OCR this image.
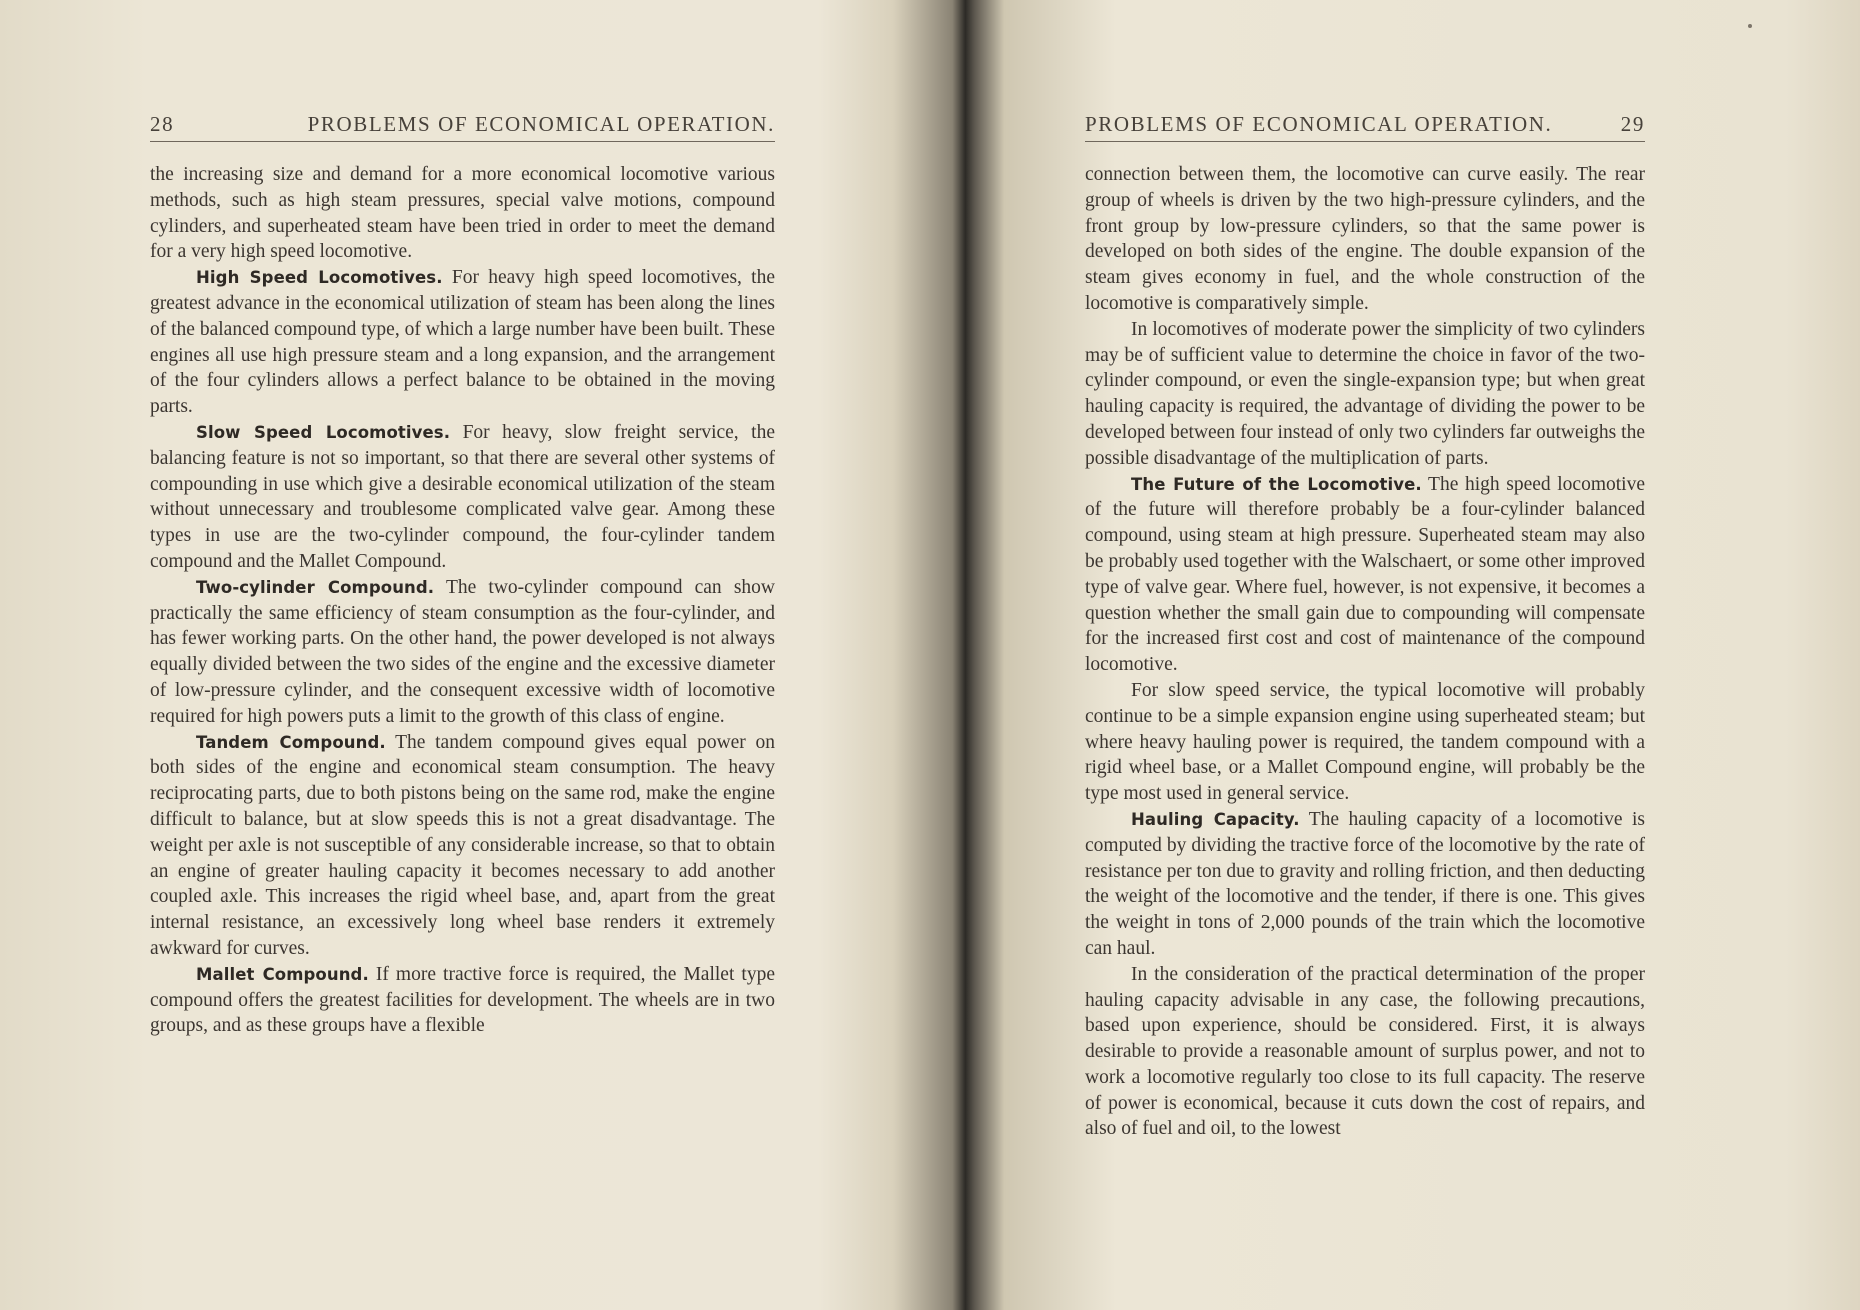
28	PROBLEMS OF ECONOMICAL OPERATION.

the increasing size and demand for a more economical locomotive various methods, such as high steam pressures, special valve motions, compound cylinders, and superheated steam have been tried in order to meet the demand for a very high speed locomotive.

High Speed Locomotives. For heavy high speed locomotives, the greatest advance in the economical utilization of steam has been along the lines of the balanced compound type, of which a large number have been built. These engines all use high pressure steam and a long expansion, and the arrangement of the four cylinders allows a perfect balance to be obtained in the moving parts.

Slow Speed Locomotives. For heavy, slow freight service, the balancing feature is not so important, so that there are several other systems of compounding in use which give a desirable economical utilization of the steam without unnecessary and troublesome complicated valve gear. Among these types in use are the two-cylinder compound, the four-cylinder tandem compound and the Mallet Compound.

Two-cylinder Compound. The two-cylinder compound can show practically the same efficiency of steam consumption as the four-cylinder, and has fewer working parts. On the other hand, the power developed is not always equally divided between the two sides of the engine and the excessive diameter of low-pressure cylinder, and the consequent excessive width of locomotive required for high powers puts a limit to the growth of this class of engine.

Tandem Compound. The tandem compound gives equal power on both sides of the engine and economical steam consumption. The heavy reciprocating parts, due to both pistons being on the same rod, make the engine difficult to balance, but at slow speeds this is not a great disadvantage. The weight per axle is not susceptible of any considerable increase, so that to obtain an engine of greater hauling capacity it becomes necessary to add another coupled axle. This increases the rigid wheel base, and, apart from the great internal resistance, an excessively long wheel base renders it extremely awkward for curves.

Mallet Compound. If more tractive force is required, the Mallet type compound offers the greatest facilities for development. The wheels are in two groups, and as these groups have a flexible

PROBLEMS OF ECONOMICAL OPERATION.	29

connection between them, the locomotive can curve easily. The rear group of wheels is driven by the two high-pressure cylinders, and the front group by low-pressure cylinders, so that the same power is developed on both sides of the engine. The double expansion of the steam gives economy in fuel, and the whole construction of the locomotive is comparatively simple.

In locomotives of moderate power the simplicity of two cylinders may be of sufficient value to determine the choice in favor of the two-cylinder compound, or even the single-expansion type; but when great hauling capacity is required, the advantage of dividing the power to be developed between four instead of only two cylinders far outweighs the possible disadvantage of the multiplication of parts.

The Future of the Locomotive. The high speed locomotive of the future will therefore probably be a four-cylinder balanced compound, using steam at high pressure. Superheated steam may also be probably used together with the Walschaert, or some other improved type of valve gear. Where fuel, however, is not expensive, it becomes a question whether the small gain due to compounding will compensate for the increased first cost and cost of maintenance of the compound locomotive.

For slow speed service, the typical locomotive will probably continue to be a simple expansion engine using superheated steam; but where heavy hauling power is required, the tandem compound with a rigid wheel base, or a Mallet Compound engine, will probably be the type most used in general service.

Hauling Capacity. The hauling capacity of a locomotive is computed by dividing the tractive force of the locomotive by the rate of resistance per ton due to gravity and rolling friction, and then deducting the weight of the locomotive and the tender, if there is one. This gives the weight in tons of 2,000 pounds of the train which the locomotive can haul.

In the consideration of the practical determination of the proper hauling capacity advisable in any case, the following precautions, based upon experience, should be considered. First, it is always desirable to provide a reasonable amount of surplus power, and not to work a locomotive regularly too close to its full capacity. The reserve of power is economical, because it cuts down the cost of repairs, and also of fuel and oil, to the lowest
